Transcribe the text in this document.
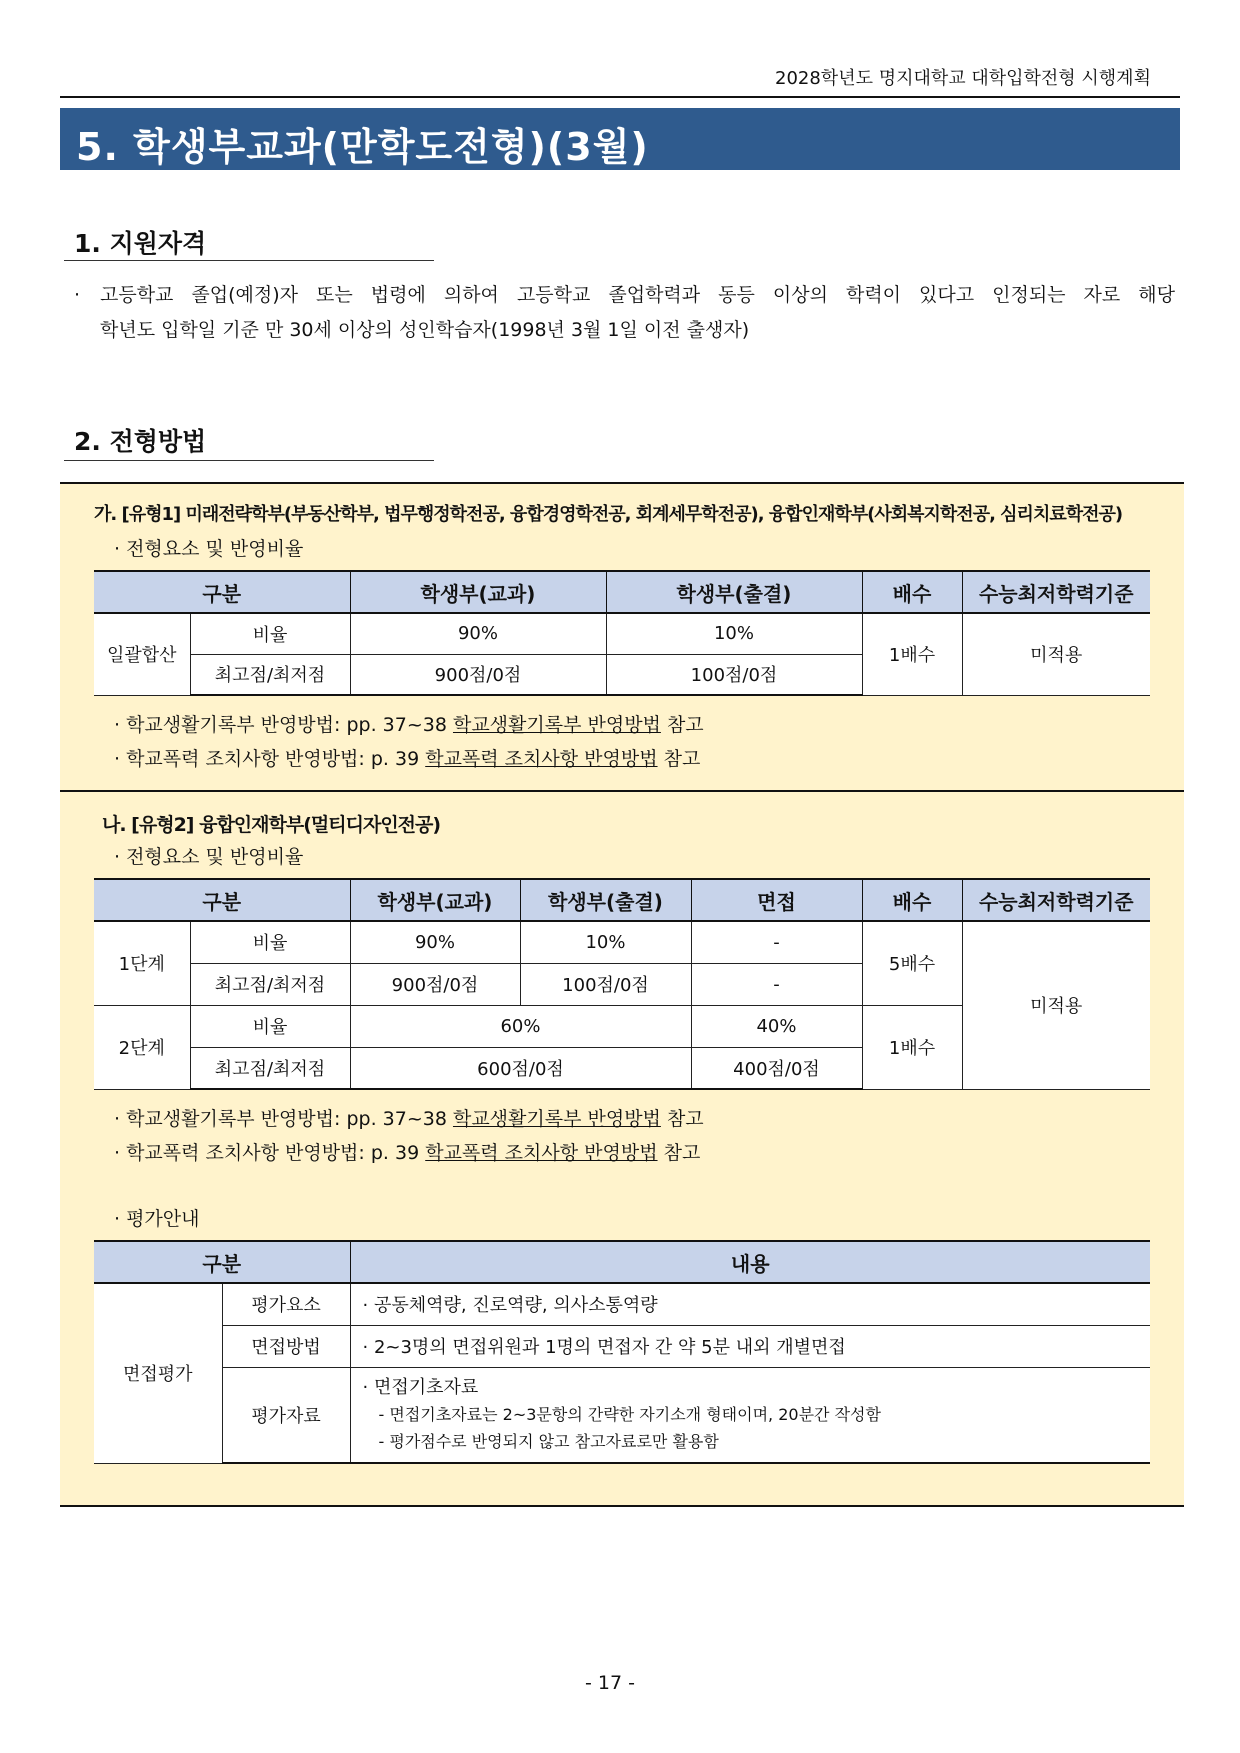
2028학년도 명지대학교 대학입학전형 시행계획
5. 학생부교과(만학도전형)(3월)
1. 지원자격
·	고등학교 졸업(예정)자 또는 법령에 의하여 고등학교 졸업학력과 동등 이상의 학력이 있다고 인정되는 자로 해당
학년도 입학일 기준 만 30세 이상의 성인학습자(1998년 3월 1일 이전 출생자)
2. 전형방법
가. [유형1] 미래전략학부(부동산학부, 법무행정학전공, 융합경영학전공, 회계세무학전공), 융합인재학부(사회복지학전공, 심리치료학전공)
· 전형요소 및 반영비율
구분		학생부(교과)	학생부(출결)	배수	수능최저학력기준
일괄합산	비율	90%	10%	1배수	미적용
	최고점/최저점	900점/0점	100점/0점		
· 학교생활기록부 반영방법: pp. 37~38 학교생활기록부 반영방법 참고
· 학교폭력 조치사항 반영방법: p. 39 학교폭력 조치사항 반영방법 참고
나. [유형2] 융합인재학부(멀티디자인전공)
· 전형요소 및 반영비율
구분		학생부(교과)	학생부(출결)	면접	배수	수능최저학력기준
1단계	비율	90%	10%	-	5배수	미적용
	최고점/최저점	900점/0점	100점/0점	-		
2단계	비율	60%		40%	1배수	
	최고점/최저점	600점/0점		400점/0점		
· 학교생활기록부 반영방법: pp. 37~38 학교생활기록부 반영방법 참고
· 학교폭력 조치사항 반영방법: p. 39 학교폭력 조치사항 반영방법 참고
· 평가안내
구분		내용
면접평가	평가요소	· 공동체역량, 진로역량, 의사소통역량
	면접방법	· 2~3명의 면접위원과 1명의 면접자 간 약 5분 내외 개별면접
	평가자료	· 면접기초자료
- 면접기초자료는 2~3문항의 간략한 자기소개 형태이며, 20분간 작성함
- 평가점수로 반영되지 않고 참고자료로만 활용함
- 17 -
